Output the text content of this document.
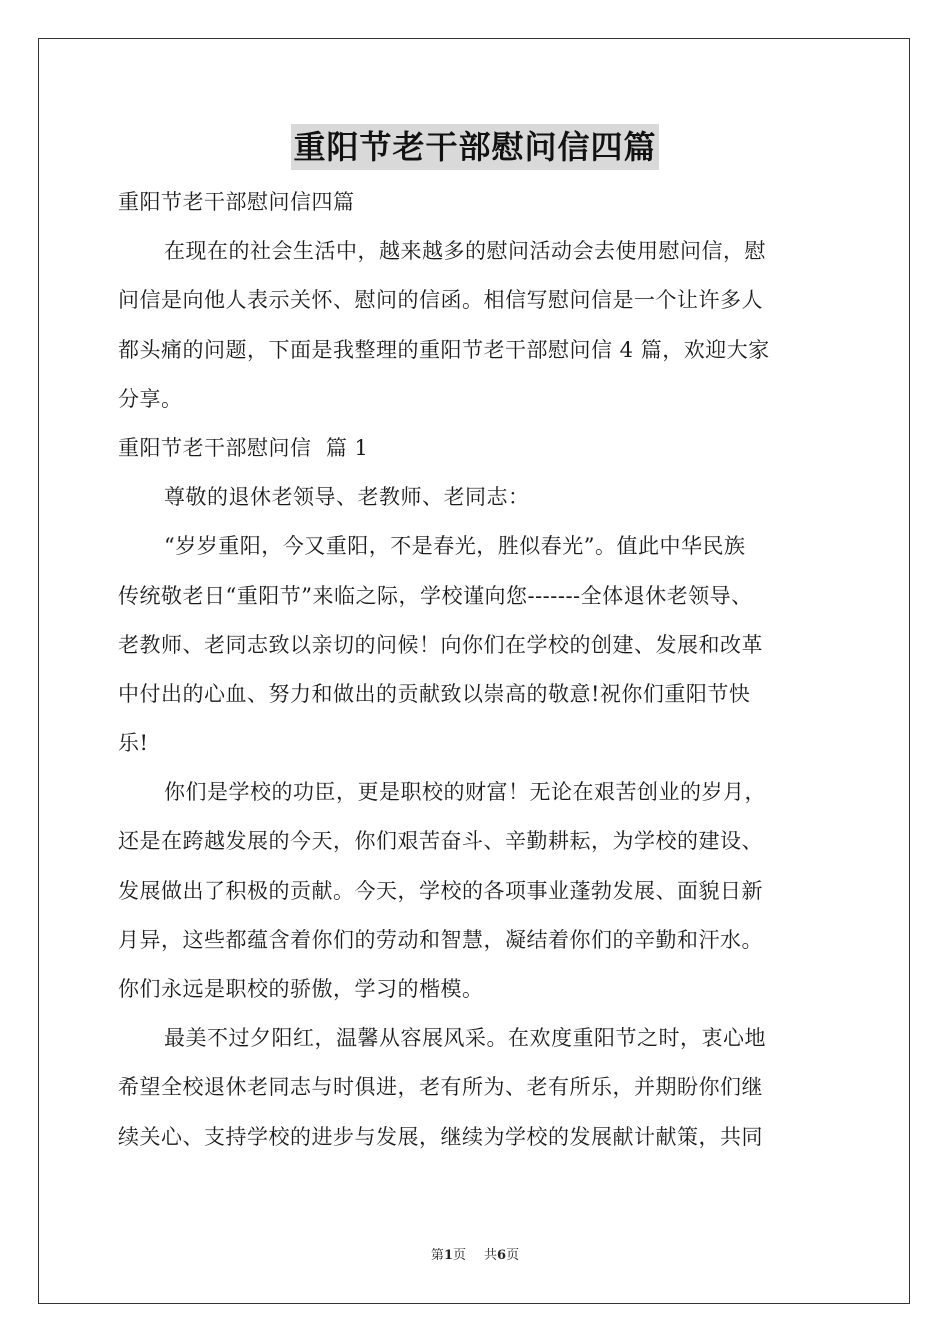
重阳节老干部慰问信四篇
重阳节老干部慰问信四篇
在现在的社会生活中，越来越多的慰问活动会去使用慰问信，慰
问信是向他人表示关怀、慰问的信函。相信写慰问信是一个让许多人
都头痛的问题，下面是我整理的重阳节老干部慰问信 4 篇，欢迎大家
分享。
重阳节老干部慰问信  篇 1
尊敬的退休老领导、老教师、老同志：
“岁岁重阳，今又重阳，不是春光，胜似春光”。值此中华民族
传统敬老日“重阳节”来临之际，学校谨向您-------全体退休老领导、
老教师、老同志致以亲切的问候！向你们在学校的创建、发展和改革
中付出的心血、努力和做出的贡献致以崇高的敬意!祝你们重阳节快
乐!
你们是学校的功臣，更是职校的财富！无论在艰苦创业的岁月，
还是在跨越发展的今天，你们艰苦奋斗、辛勤耕耘，为学校的建设、
发展做出了积极的贡献。今天，学校的各项事业蓬勃发展、面貌日新
月异，这些都蕴含着你们的劳动和智慧，凝结着你们的辛勤和汗水。
你们永远是职校的骄傲，学习的楷模。
最美不过夕阳红，温馨从容展风采。在欢度重阳节之时，衷心地
希望全校退休老同志与时俱进，老有所为、老有所乐，并期盼你们继
续关心、支持学校的进步与发展，继续为学校的发展献计献策，共同
第1页 共6页
